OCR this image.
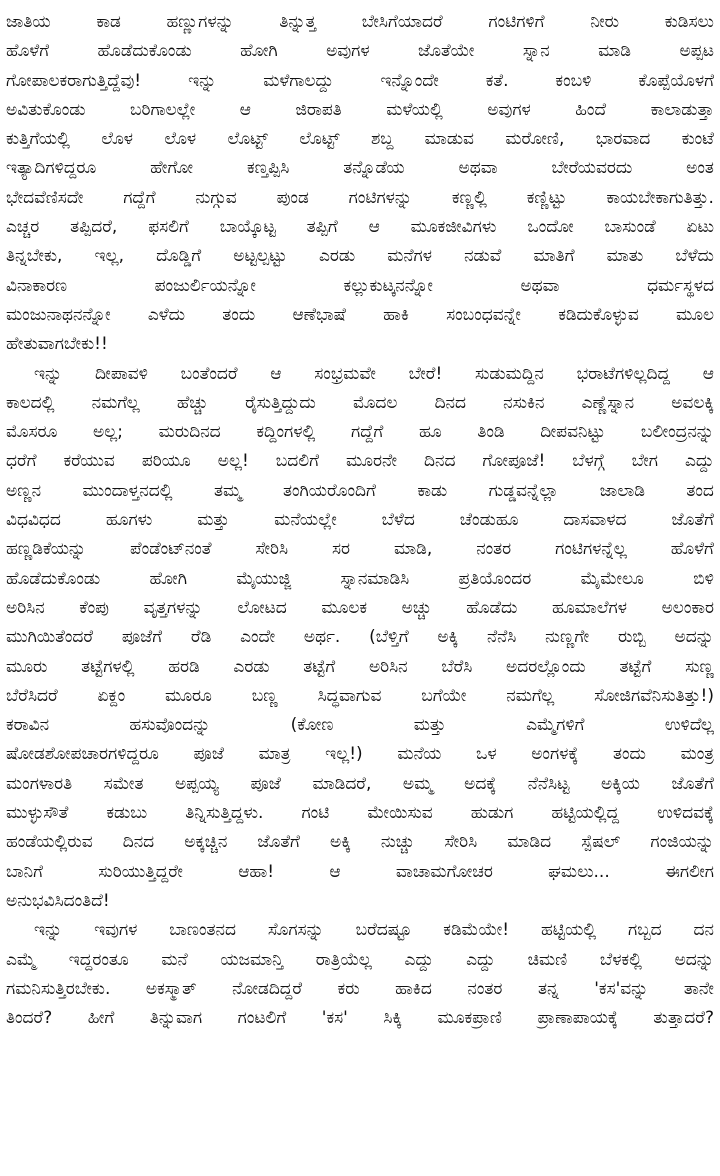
ಜಾತಿಯ	ಕಾಡ	ಹಣ್ಣುಗಳನ್ನು	ತಿನ್ನುತ್ತ	ಬೇಸಿಗೆಯಾದರೆ	ಗಂಟಿಗಳಿಗೆ	ನೀರು	ಕುಡಿಸಲು
ಹೊಳೆಗೆ	ಹೊಡೆದುಕೊಂಡು	ಹೋಗಿ	ಅವುಗಳ	ಜೊತೆಯೇ	ಸ್ನಾನ	ಮಾಡಿ	ಅಪ್ಪಟ
ಗೋಪಾಲಕರಾಗುತ್ತಿದ್ದೆವು!	ಇನ್ನು	ಮಳೆಗಾಲದ್ದು	ಇನ್ನೊಂದೇ	ಕತೆ.	ಕಂಬಳಿ	ಕೊಪ್ಪೆಯೊಳಗೆ
ಅವಿತುಕೊಂಡು	ಬರಿಗಾಲಲ್ಲೇ	ಆ	ಜಿರಾಪತಿ	ಮಳೆಯಲ್ಲಿ	ಅವುಗಳ	ಹಿಂದೆ	ಕಾಲಾಡುತ್ತಾ
ಕುತ್ತಿಗೆಯಲ್ಲಿ ಲೊಳ ಲೊಳ ಲೊಟ್ಟ್ ಲೊಟ್ಟ್ ಶಬ್ದ ಮಾಡುವ ಮರೋಣಿ, ಭಾರವಾದ ಕುಂಟೆ
ಇತ್ಯಾದಿಗಳಿದ್ದರೂ	ಹೇಗೋ	ಕಣ್ತಪ್ಪಿಸಿ	ತನ್ನೊಡೆಯ	ಅಥವಾ	ಬೇರೆಯವರದು	ಅಂತ
ಭೇದವೆಣಿಸದೇ ಗದ್ದೆಗೆ ನುಗ್ಗುವ ಪುಂಡ ಗಂಟಿಗಳನ್ನು ಕಣ್ಣಲ್ಲಿ ಕಣ್ಣಿಟ್ಟು ಕಾಯಬೇಕಾಗುತಿತ್ತು.
ಎಚ್ಚರ ತಪ್ಪಿದರೆ, ಫಸಲಿಗೆ ಬಾಯ್ಕೊಟ್ಟ ತಪ್ಪಿಗೆ ಆ ಮೂಕಜೀವಿಗಳು ಒಂದೋ ಬಾಸುಂಡೆ ಏಟು
ತಿನ್ನಬೇಕು, ಇಲ್ಲ, ದೊಡ್ಡಿಗೆ ಅಟ್ಟಲ್ಪಟ್ಟು ಎರಡು ಮನೆಗಳ ನಡುವೆ ಮಾತಿಗೆ ಮಾತು ಬೆಳೆದು
ವಿನಾಕಾರಣ	ಪಂಜುರ್ಲಿಯನ್ನೋ	ಕಲ್ಲುಕುಟ್ಕನನ್ನೋ	ಅಥವಾ	ಧರ್ಮಸ್ಥಳದ
ಮಂಜುನಾಥನನ್ನೋ ಎಳೆದು ತಂದು ಆಣೆಭಾಷೆ ಹಾಕಿ ಸಂಬಂಧವನ್ನೇ ಕಡಿದುಕೊಳ್ಳುವ ಮೂಲ
ಹೇತುವಾಗಬೇಕು!!
ಇನ್ನು ದೀಪಾವಳಿ ಬಂತೆಂದರೆ ಆ ಸಂಭ್ರಮವೇ ಬೇರೆ! ಸುಡುಮದ್ದಿನ ಭರಾಟೆಗಳಿಲ್ಲದಿದ್ದ ಆ
ಕಾಲದಲ್ಲಿ ನಮಗೆಲ್ಲ ಹೆಚ್ಚು ರೈಸುತ್ತಿದ್ದುದು ಮೊದಲ ದಿನದ ನಸುಕಿನ ಎಣ್ಣೆಸ್ನಾನ ಅವಲಕ್ಕಿ
ಮೊಸರೂ ಅಲ್ಲ; ಮರುದಿನದ ಕದ್ದಿಂಗಳಲ್ಲಿ ಗದ್ದೆಗೆ ಹೂ ತಿಂಡಿ ದೀಪವನಿಟ್ಟು ಬಲೀಂದ್ರನನ್ನು
ಧರೆಗೆ ಕರೆಯುವ ಪರಿಯೂ ಅಲ್ಲ! ಬದಲಿಗೆ ಮೂರನೇ ದಿನದ ಗೋಪೂಜೆ! ಬೆಳಗ್ಗೆ ಬೇಗ ಎದ್ದು
ಅಣ್ಣನ ಮುಂದಾಳ್ತನದಲ್ಲಿ ತಮ್ಮ ತಂಗಿಯರೊಂದಿಗೆ ಕಾಡು ಗುಡ್ಡವನ್ನೆಲ್ಲಾ ಜಾಲಾಡಿ ತಂದ
ವಿಧವಿಧದ	ಹೂಗಳು	ಮತ್ತು	ಮನೆಯಲ್ಲೇ	ಬೆಳೆದ	ಚೆಂಡುಹೂ	ದಾಸವಾಳದ	ಜೊತೆಗೆ
ಹಣ್ಣಡಿಕೆಯನ್ನು	ಪೆಂಡೆಂಟ್‌ನಂತೆ	ಸೇರಿಸಿ	ಸರ	ಮಾಡಿ,	ನಂತರ	ಗಂಟಿಗಳನ್ನೆಲ್ಲ	ಹೊಳೆಗೆ
ಹೊಡೆದುಕೊಂಡು	ಹೋಗಿ	ಮೈಯುಜ್ಜಿ	ಸ್ನಾನಮಾಡಿಸಿ	ಪ್ರತಿಯೊಂದರ	ಮೈಮೇಲೂ	ಬಿಳಿ
ಅರಿಸಿನ ಕೆಂಪು ವೃತ್ತಗಳನ್ನು ಲೋಟದ ಮೂಲಕ ಅಚ್ಚು ಹೊಡೆದು ಹೂಮಾಲೆಗಳ ಅಲಂಕಾರ
ಮುಗಿಯಿತೆಂದರೆ ಪೂಜೆಗೆ ರೆಡಿ ಎಂದೇ ಅರ್ಥ. (ಬೆಳ್ತಿಗೆ ಅಕ್ಕಿ ನೆನೆಸಿ ನುಣ್ಣಗೇ ರುಬ್ಬಿ ಅದನ್ನು
ಮೂರು ತಟ್ಟೆಗಳಲ್ಲಿ ಹರಡಿ ಎರಡು ತಟ್ಟೆಗೆ ಅರಿಸಿನ ಬೆರೆಸಿ ಅದರಲ್ಲೊಂದು ತಟ್ಟೆಗೆ ಸುಣ್ಣ
ಬೆರೆಸಿದರೆ ಏಕ್ದಂ ಮೂರೂ ಬಣ್ಣ ಸಿದ್ಧವಾಗುವ ಬಗೆಯೇ ನಮಗೆಲ್ಲ ಸೋಜಿಗವೆನಿಸುತಿತ್ತು!)
ಕರಾವಿನ	ಹಸುವೊಂದನ್ನು	(ಕೋಣ	ಮತ್ತು	ಎಮ್ಮೆಗಳಿಗೆ	ಉಳಿದೆಲ್ಲ
ಷೋಡಶೋಪಚಾರಗಳಿದ್ದರೂ ಪೂಜೆ ಮಾತ್ರ ಇಲ್ಲ!) ಮನೆಯ ಒಳ ಅಂಗಳಕ್ಕೆ ತಂದು ಮಂತ್ರ
ಮಂಗಳಾರತಿ ಸಮೇತ ಅಪ್ಪಯ್ಯ ಪೂಜೆ ಮಾಡಿದರೆ, ಅಮ್ಮ ಅದಕ್ಕೆ ನೆನೆಸಿಟ್ಟ ಅಕ್ಕಿಯ ಜೊತೆಗೆ
ಮುಳ್ಳುಸೌತೆ ಕಡುಬು ತಿನ್ನಿಸುತ್ತಿದ್ದಳು. ಗಂಟಿ ಮೇಯಿಸುವ ಹುಡುಗ ಹಟ್ಟಿಯಲ್ಲಿದ್ದ ಉಳಿದವಕ್ಕೆ
ಹಂಡೆಯಲ್ಲಿರುವ ದಿನದ ಅಕ್ಕಚ್ಚಿನ ಜೊತೆಗೆ ಅಕ್ಕಿ ನುಚ್ಚು ಸೇರಿಸಿ ಮಾಡಿದ ಸ್ಪೆಷಲ್ ಗಂಜಿಯನ್ನು
ಬಾನಿಗೆ	ಸುರಿಯುತ್ತಿದ್ದರೇ	ಆಹಾ!	ಆ	ವಾಚಾಮಗೋಚರ	ಘಮಲು...	ಈಗಲೀಗ
ಅನುಭವಿಸಿದಂತಿದೆ!
ಇನ್ನು ಇವುಗಳ ಬಾಣಂತನದ ಸೊಗಸನ್ನು ಬರೆದಷ್ಟೂ ಕಡಿಮೆಯೇ! ಹಟ್ಟಿಯಲ್ಲಿ ಗಬ್ಬದ ದನ
ಎಮ್ಮೆ ಇದ್ದರಂತೂ ಮನೆ ಯಜಮಾನ್ತಿ ರಾತ್ರಿಯೆಲ್ಲ ಎದ್ದು ಎದ್ದು ಚಿಮಣಿ ಬೆಳಕಲ್ಲಿ ಅದನ್ನು
ಗಮನಿಸುತ್ತಿರಬೇಕು. ಅಕಸ್ಮಾತ್ ನೋಡದಿದ್ದರೆ ಕರು ಹಾಕಿದ ನಂತರ ತನ್ನ 'ಕಸ'ವನ್ನು ತಾನೇ
ತಿಂದರೆ? ಹೀಗೆ ತಿನ್ನುವಾಗ ಗಂಟಲಿಗೆ 'ಕಸ' ಸಿಕ್ಕಿ ಮೂಕಪ್ರಾಣಿ ಪ್ರಾಣಾಪಾಯಕ್ಕೆ ತುತ್ತಾದರೆ?
